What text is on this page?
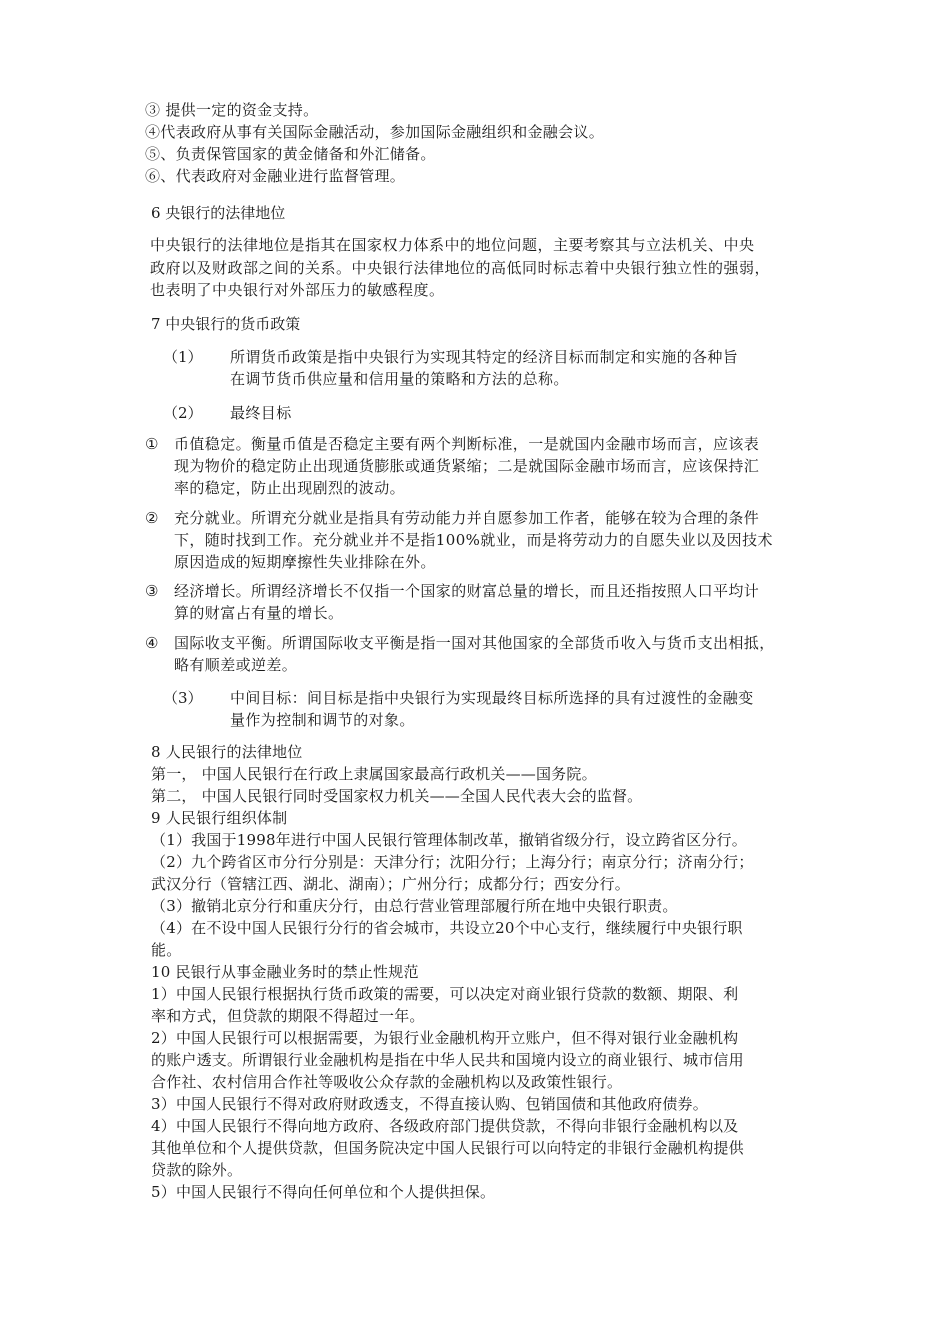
③ 提供一定的资金支持。
④代表政府从事有关国际金融活动，参加国际金融组织和金融会议。
⑤、负责保管国家的黄金储备和外汇储备。
⑥、代表政府对金融业进行监督管理。
6 央银行的法律地位
中央银行的法律地位是指其在国家权力体系中的地位问题，主要考察其与立法机关、中央
政府以及财政部之间的关系。中央银行法律地位的高低同时标志着中央银行独立性的强弱，
也表明了中央银行对外部压力的敏感程度。
7 中央银行的货币政策
（1） 所谓货币政策是指中央银行为实现其特定的经济目标而制定和实施的各种旨
在调节货币供应量和信用量的策略和方法的总称。
（2） 最终目标
①	币值稳定。衡量币值是否稳定主要有两个判断标准，一是就国内金融市场而言，应该表
现为物价的稳定防止出现通货膨胀或通货紧缩；二是就国际金融市场而言，应该保持汇
率的稳定，防止出现剧烈的波动。
②	充分就业。所谓充分就业是指具有劳动能力并自愿参加工作者，能够在较为合理的条件
下，随时找到工作。充分就业并不是指100%就业，而是将劳动力的自愿失业以及因技术
原因造成的短期摩擦性失业排除在外。
③	经济增长。所谓经济增长不仅指一个国家的财富总量的增长，而且还指按照人口平均计
算的财富占有量的增长。
④	国际收支平衡。所谓国际收支平衡是指一国对其他国家的全部货币收入与货币支出相抵，
略有顺差或逆差。
（3） 中间目标：间目标是指中央银行为实现最终目标所选择的具有过渡性的金融变
量作为控制和调节的对象。
8 人民银行的法律地位
第一， 中国人民银行在行政上隶属国家最高行政机关——国务院。
第二， 中国人民银行同时受国家权力机关——全国人民代表大会的监督。
9 人民银行组织体制
（1）我国于1998年进行中国人民银行管理体制改革，撤销省级分行，设立跨省区分行。
（2）九个跨省区市分行分别是：天津分行；沈阳分行；上海分行；南京分行；济南分行；
武汉分行（管辖江西、湖北、湖南）；广州分行；成都分行；西安分行。
（3）撤销北京分行和重庆分行，由总行营业管理部履行所在地中央银行职责。
（4）在不设中国人民银行分行的省会城市，共设立20个中心支行，继续履行中央银行职
能。
10 民银行从事金融业务时的禁止性规范
1）中国人民银行根据执行货币政策的需要，可以决定对商业银行贷款的数额、期限、利
率和方式，但贷款的期限不得超过一年。
2）中国人民银行可以根据需要，为银行业金融机构开立账户，但不得对银行业金融机构
的账户透支。所谓银行业金融机构是指在中华人民共和国境内设立的商业银行、城市信用
合作社、农村信用合作社等吸收公众存款的金融机构以及政策性银行。
3）中国人民银行不得对政府财政透支，不得直接认购、包销国债和其他政府债券。
4）中国人民银行不得向地方政府、各级政府部门提供贷款，不得向非银行金融机构以及
其他单位和个人提供贷款，但国务院决定中国人民银行可以向特定的非银行金融机构提供
贷款的除外。
5）中国人民银行不得向任何单位和个人提供担保。
